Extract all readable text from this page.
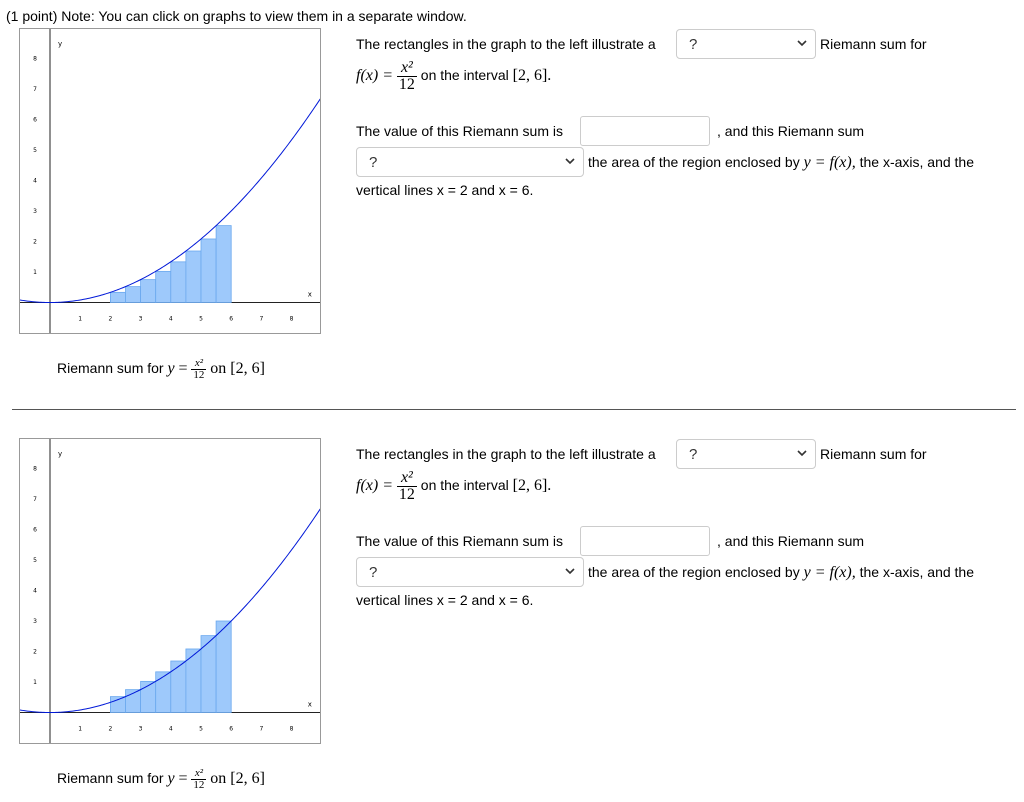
(1 point) Note: You can click on graphs to view them in a separate window.
1	2	3	4	5	6	7	8
1
2
3
4
5
6
7
8
y
x
Riemann sum for $y = \frac{\text{x²}}{12}$ on [2, 6]
The rectangles in the graph to the left illustrate a ?	Riemann sum for
$f(x) = \frac{\text{x²}}{12}$ on the interval [2, 6].
The value of this Riemann sum is	, and this Riemann sum
?	the area of the region enclosed by y = f(x), the x-axis, and the
vertical lines x = 2 and x = 6.
1	2	3	4	5	6	7	8
1
2
3
4
5
6
7
8
y
x
Riemann sum for $y = \frac{\text{x²}}{12}$ on [2, 6]
The rectangles in the graph to the left illustrate a ?	Riemann sum for
$f(x) = \frac{\text{x²}}{12}$ on the interval [2, 6].
The value of this Riemann sum is	, and this Riemann sum
?	the area of the region enclosed by y = f(x), the x-axis, and the
vertical lines x = 2 and x = 6.
